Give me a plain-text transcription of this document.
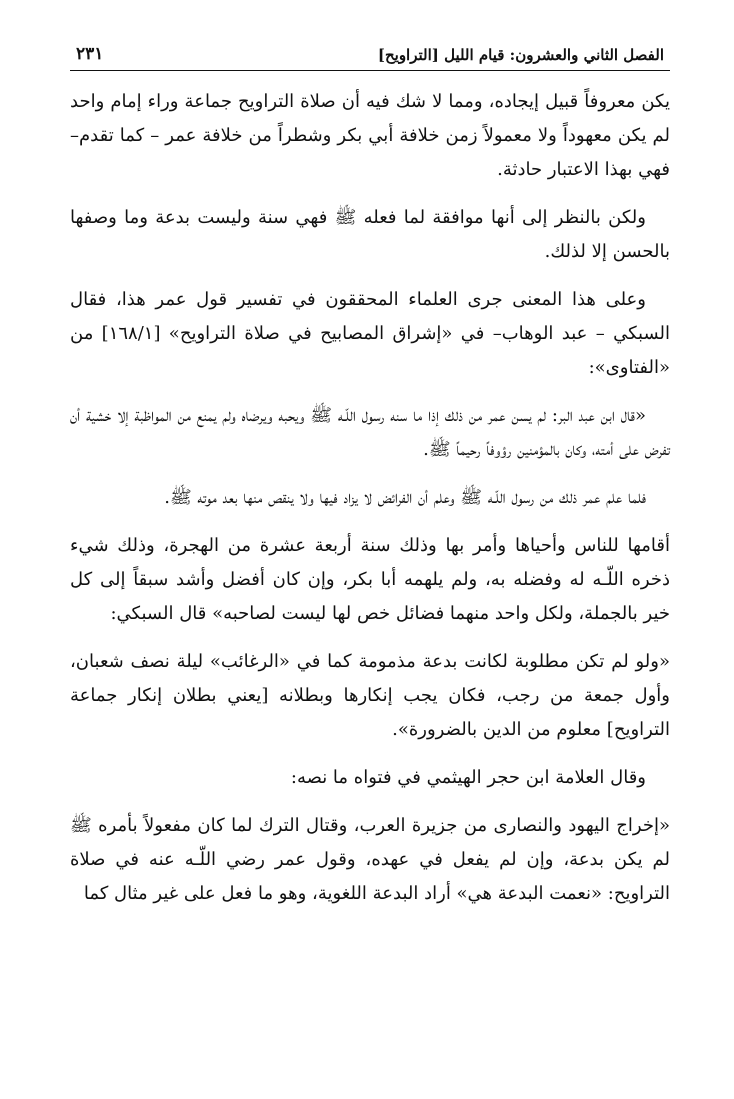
الفصل الثاني والعشرون: قيام الليل [التراويح]
٢٣١

يكن معروفاً قبيل إيجاده، ومما لا شك فيه أن صلاة التراويح جماعة وراء إمام واحد لم يكن معهوداً ولا معمولاً زمن خلافة أبي بكر وشطراً من خلافة عمر – كما تقدم– فهي بهذا الاعتبار حادثة.

ولكن بالنظر إلى أنها موافقة لما فعله ﷺ فهي سنة وليست بدعة وما وصفها بالحسن إلا لذلك.

وعلى هذا المعنى جرى العلماء المحققون في تفسير قول عمر هذا، فقال السبكي – عبد الوهاب– في «إشراق المصابيح في صلاة التراويح» [١٦٨/١] من «الفتاوى»:

«قال ابن عبد البر: لم يسن عمر من ذلك إذا ما سنه رسول اللّـه ﷺ ويحبه ويرضاه ولم يمنع من المواظبة إلا خشية أن تفرض على أمته، وكان بالمؤمنين رؤوفاً رحيماً ﷺ.

فلما علم عمر ذلك من رسول اللّـه ﷺ وعلم أن الفرائض لا يزاد فيها ولا ينقص منها بعد موته ﷺ.

أقامها للناس وأحياها وأمر بها وذلك سنة أربعة عشرة من الهجرة، وذلك شيء ذخره اللّـه له وفضله به، ولم يلهمه أبا بكر، وإن كان أفضل وأشد سبقاً إلى كل خير بالجملة، ولكل واحد منهما فضائل خص لها ليست لصاحبه» قال السبكي:

«ولو لم تكن مطلوبة لكانت بدعة مذمومة كما في «الرغائب» ليلة نصف شعبان، وأول جمعة من رجب، فكان يجب إنكارها وبطلانه [يعني بطلان إنكار جماعة التراويح] معلوم من الدين بالضرورة».

وقال العلامة ابن حجر الهيثمي في فتواه ما نصه:

«إخراج اليهود والنصارى من جزيرة العرب، وقتال الترك لما كان مفعولاً بأمره ﷺ لم يكن بدعة، وإن لم يفعل في عهده، وقول عمر رضي اللّـه عنه في صلاة التراويح: «نعمت البدعة هي» أراد البدعة اللغوية، وهو ما فعل على غير مثال كما
